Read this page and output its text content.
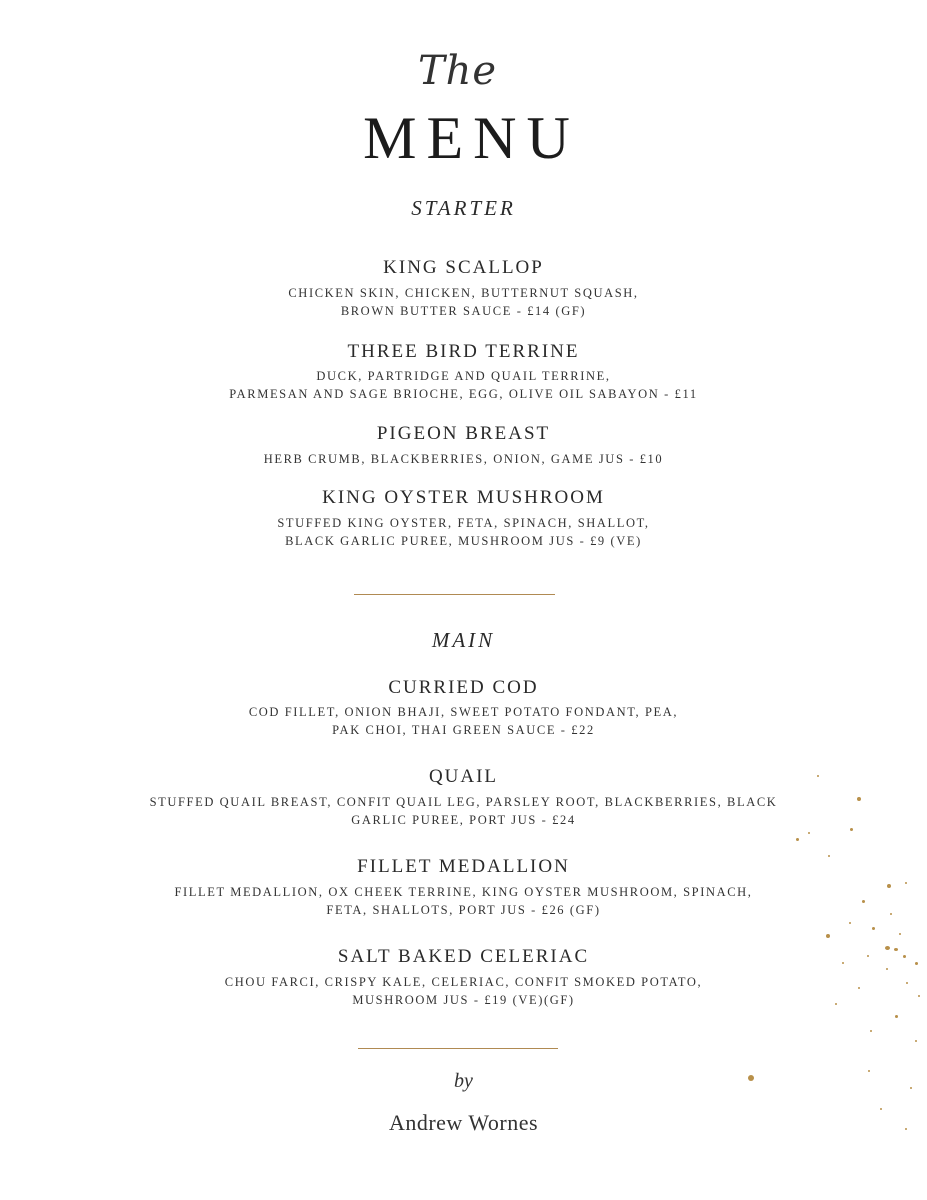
The
MENU
STARTER
KING SCALLOP
CHICKEN SKIN, CHICKEN, BUTTERNUT SQUASH,
BROWN BUTTER SAUCE - £14 (GF)
THREE BIRD TERRINE
DUCK, PARTRIDGE AND QUAIL TERRINE,
PARMESAN AND SAGE BRIOCHE, EGG, OLIVE OIL SABAYON - £11
PIGEON BREAST
HERB CRUMB, BLACKBERRIES, ONION, GAME JUS - £10
KING OYSTER MUSHROOM
STUFFED KING OYSTER, FETA, SPINACH, SHALLOT,
BLACK GARLIC PUREE, MUSHROOM JUS - £9 (VE)
MAIN
CURRIED COD
COD FILLET, ONION BHAJI, SWEET POTATO FONDANT, PEA,
PAK CHOI, THAI GREEN SAUCE - £22
QUAIL
STUFFED QUAIL BREAST, CONFIT QUAIL LEG, PARSLEY ROOT, BLACKBERRIES, BLACK
GARLIC PUREE, PORT JUS - £24
FILLET MEDALLION
FILLET MEDALLION, OX CHEEK TERRINE, KING OYSTER MUSHROOM, SPINACH,
FETA, SHALLOTS, PORT JUS - £26 (GF)
SALT BAKED CELERIAC
CHOU FARCI, CRISPY KALE, CELERIAC, CONFIT SMOKED POTATO,
MUSHROOM JUS - £19 (VE)(GF)
by
Andrew Wornes
